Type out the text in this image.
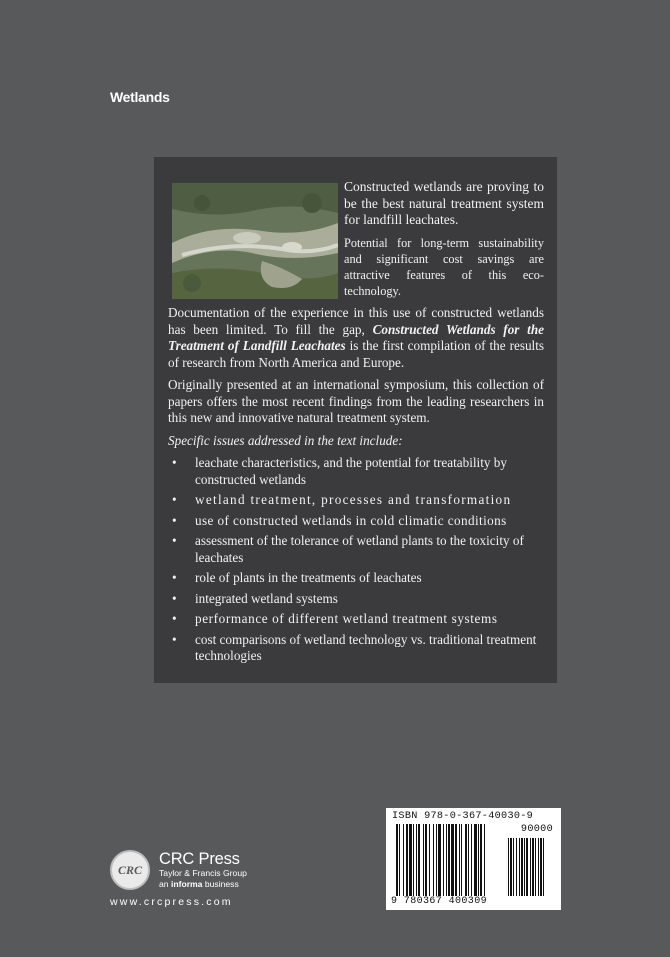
Wetlands

Constructed wetlands are proving to be the best natural treatment system for landfill leachates.

Potential for long-term sustainability and significant cost savings are attractive features of this eco-technology.

Documentation of the experience in this use of constructed wetlands has been limited. To fill the gap, Constructed Wetlands for the Treatment of Landfill Leachates is the first compilation of the results of research from North America and Europe.

Originally presented at an international symposium, this collection of papers offers the most recent findings from the leading researchers in this new and innovative natural treatment system.

Specific issues addressed in the text include:

• leachate characteristics, and the potential for treatability by constructed wetlands
• wetland treatment, processes and transformation
• use of constructed wetlands in cold climatic conditions
• assessment of the tolerance of wetland plants to the toxicity of leachates
• role of plants in the treatments of leachates
• integrated wetland systems
• performance of different wetland treatment systems
• cost comparisons of wetland technology vs. traditional treatment technologies
CRC
CRC Press
Taylor & Francis Group
an informa business
www.crcpress.com
ISBN 978-0-367-40030-9
90000
9 780367 400309
